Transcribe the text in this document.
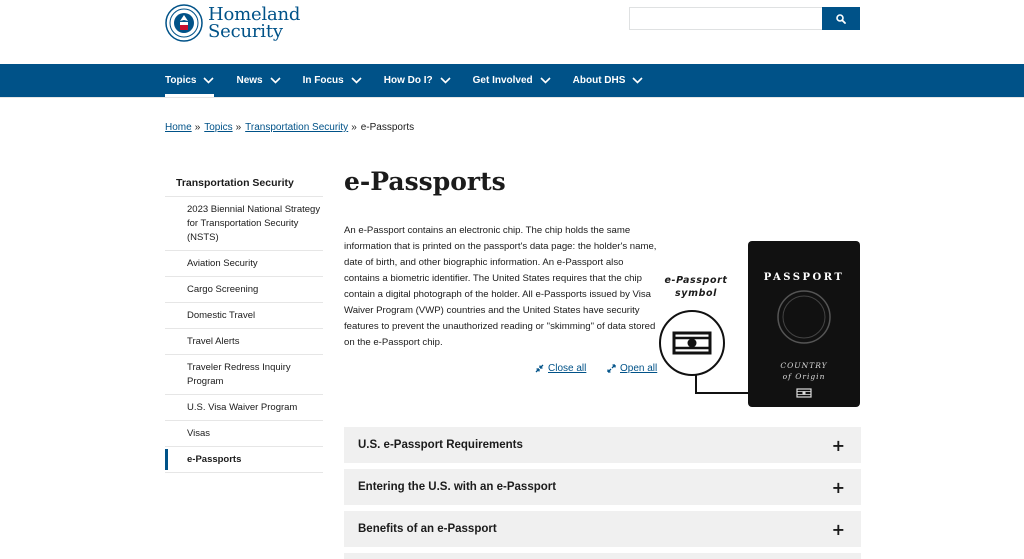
Homeland
Security
Topics	News	In Focus	How Do I?	Get Involved	About DHS
Home » Topics » Transportation Security » e-Passports
Transportation Security
2023 Biennial National Strategy for Transportation Security (NSTS)
Aviation Security
Cargo Screening
Domestic Travel
Travel Alerts
Traveler Redress Inquiry Program
U.S. Visa Waiver Program
Visas
e-Passports
e-Passports

An e-Passport contains an electronic chip. The chip holds the same information that is printed on the passport's data page: the holder's name, date of birth, and other biographic information. An e-Passport also contains a biometric identifier. The United States requires that the chip contain a digital photograph of the holder. All e-Passports issued by Visa Waiver Program (VWP) countries and the United States have security features to prevent the unauthorized reading or "skimming" of data stored on the e-Passport chip.

Close all	Open all
e-Passport
symbol
PASSPORT
COUNTRY
of Origin
U.S. e-Passport Requirements	+
Entering the U.S. with an e-Passport	+
Benefits of an e-Passport	+
